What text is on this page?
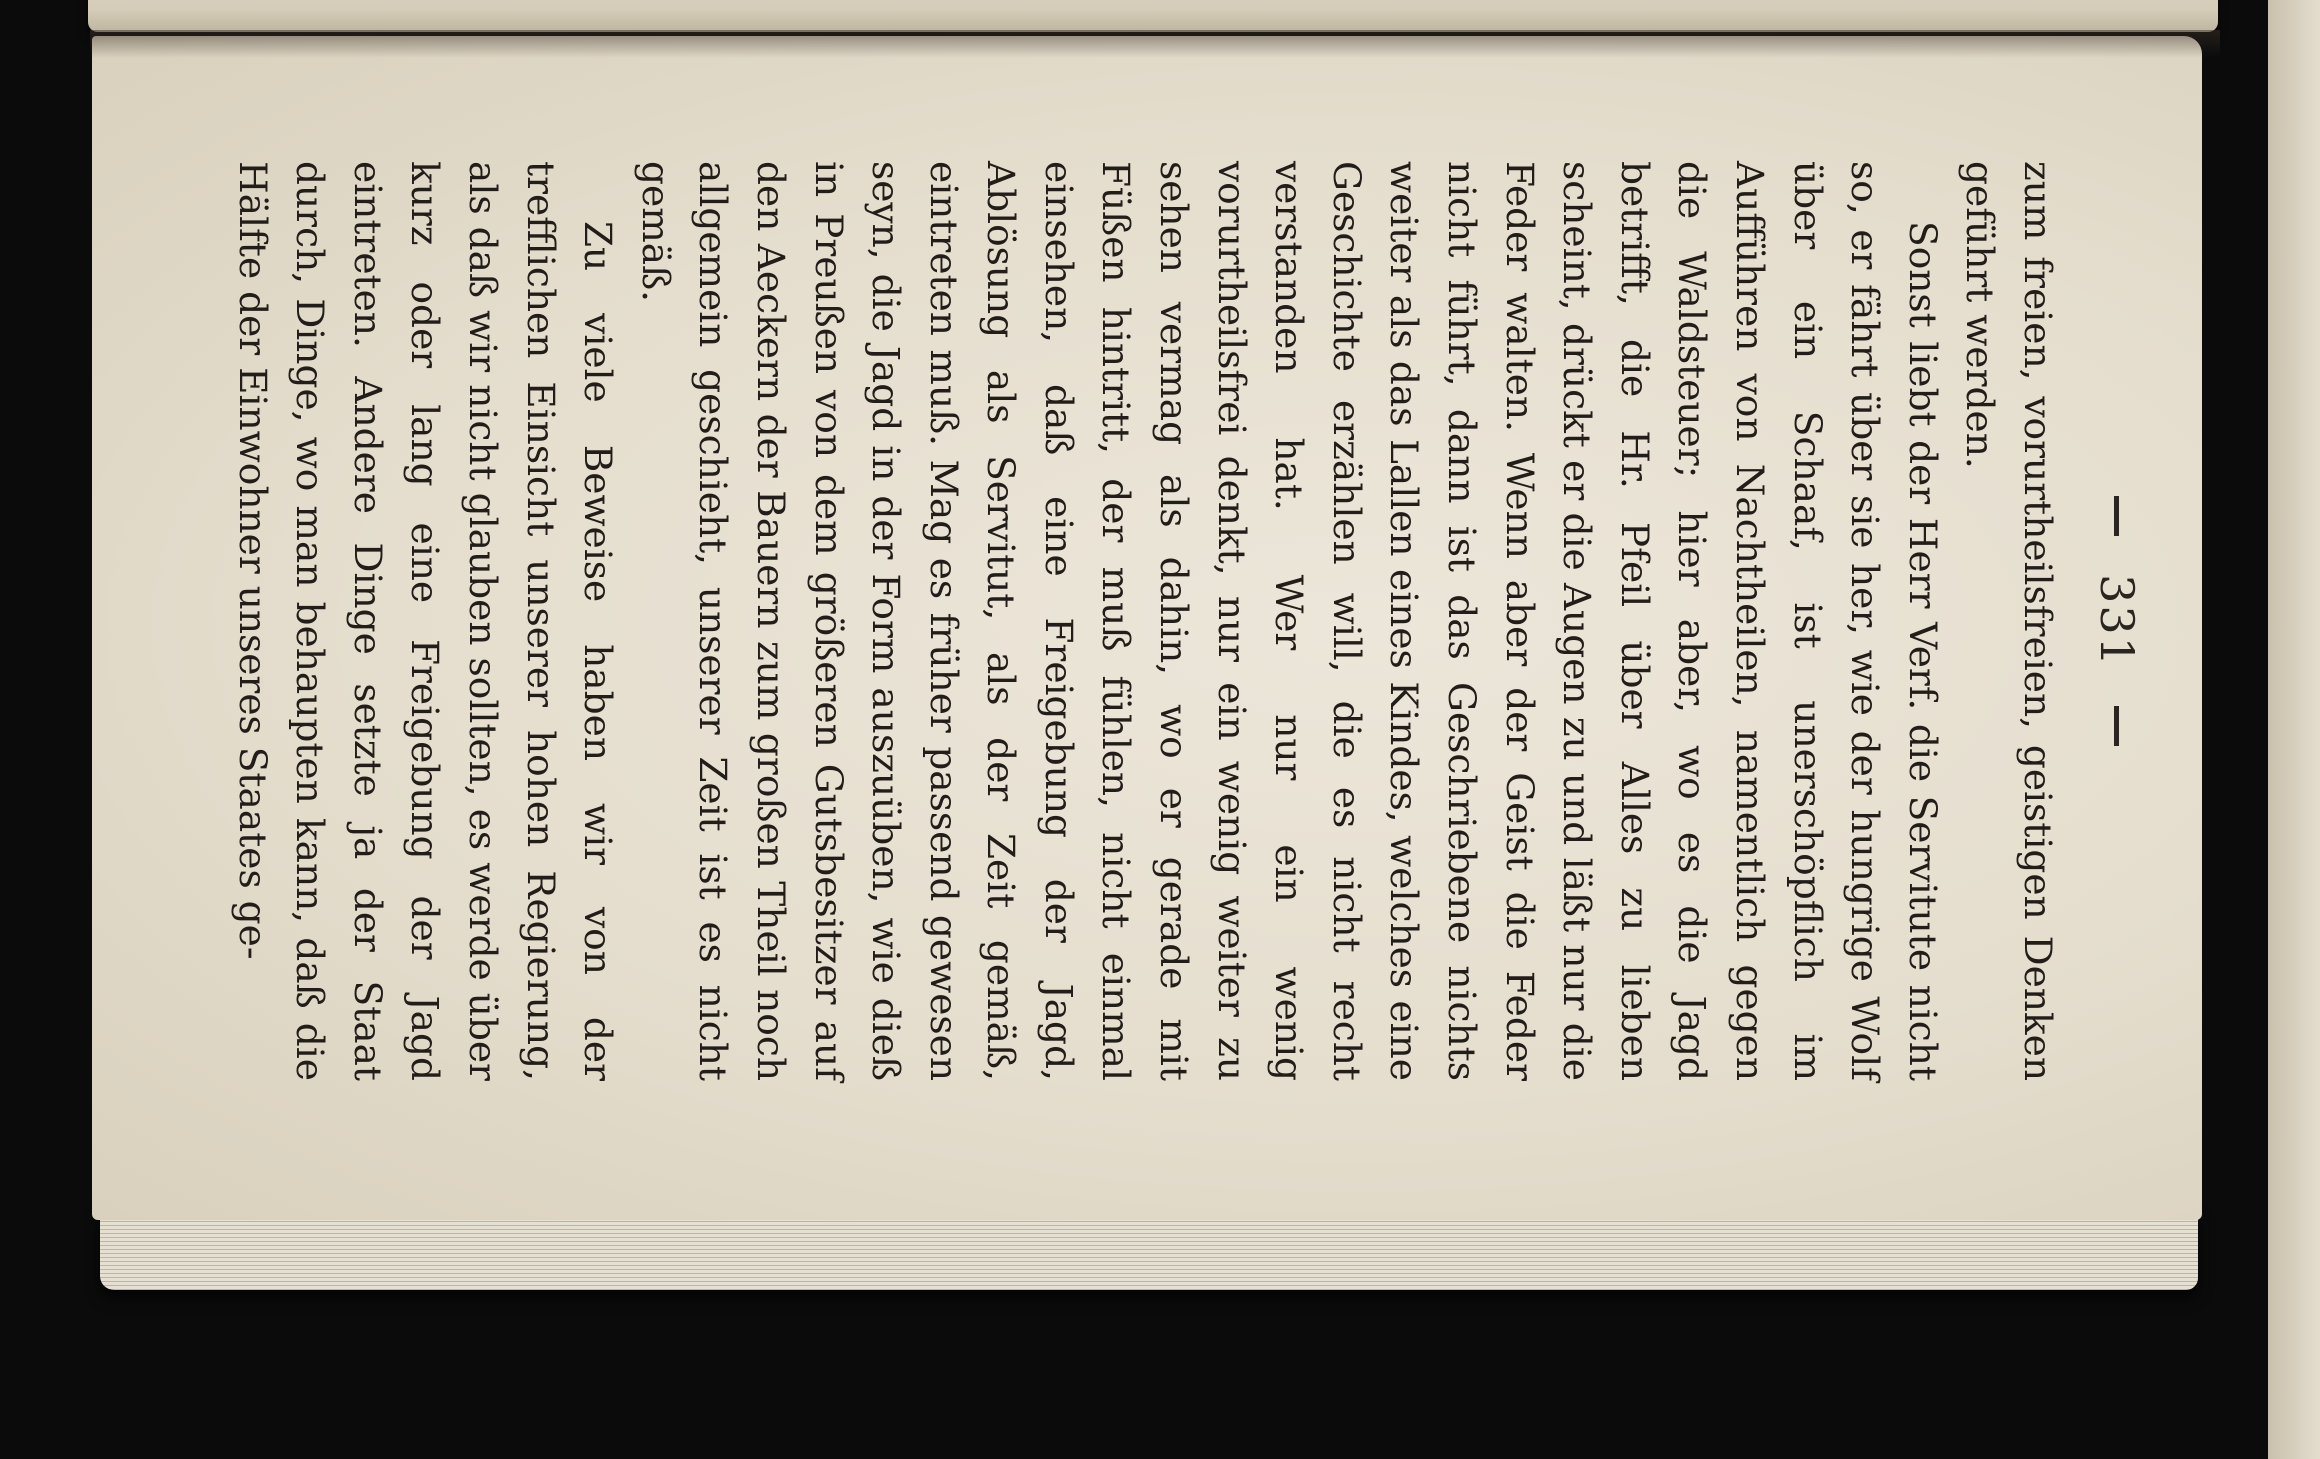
331

zum freien, vorurtheilsfreien, geistigen Denken geführt werden.

Sonst liebt der Herr Verf. die Servitute nicht so, er fährt über sie her, wie der hungrige Wolf über ein Schaaf, ist unerschöpflich im Aufführen von Nachtheilen, namentlich gegen die Waldsteuer; hier aber, wo es die Jagd betrifft, die Hr. Pfeil über Alles zu lieben scheint, drückt er die Augen zu und läßt nur die Feder walten. Wenn aber der Geist die Feder nicht führt, dann ist das Geschriebene nichts weiter als das Lallen eines Kindes, welches eine Geschichte erzählen will, die es nicht recht verstanden hat. Wer nur ein wenig vorurtheilsfrei denkt, nur ein wenig weiter zu sehen vermag als dahin, wo er gerade mit Füßen hintritt, der muß fühlen, nicht einmal einsehen, daß eine Freigebung der Jagd, Ablösung als Servitut, als der Zeit gemäß, eintreten muß. Mag es früher passend gewesen seyn, die Jagd in der Form auszuüben, wie dieß in Preußen von dem größeren Gutsbesitzer auf den Aeckern der Bauern zum großen Theil noch allgemein geschieht, unserer Zeit ist es nicht gemäß.

Zu viele Beweise haben wir von der trefflichen Einsicht unserer hohen Regierung, als daß wir nicht glauben sollten, es werde über kurz oder lang eine Freigebung der Jagd eintreten. Andere Dinge setzte ja der Staat durch, Dinge, wo man behaupten kann, daß die Hälfte der Einwohner unseres Staates ge-
